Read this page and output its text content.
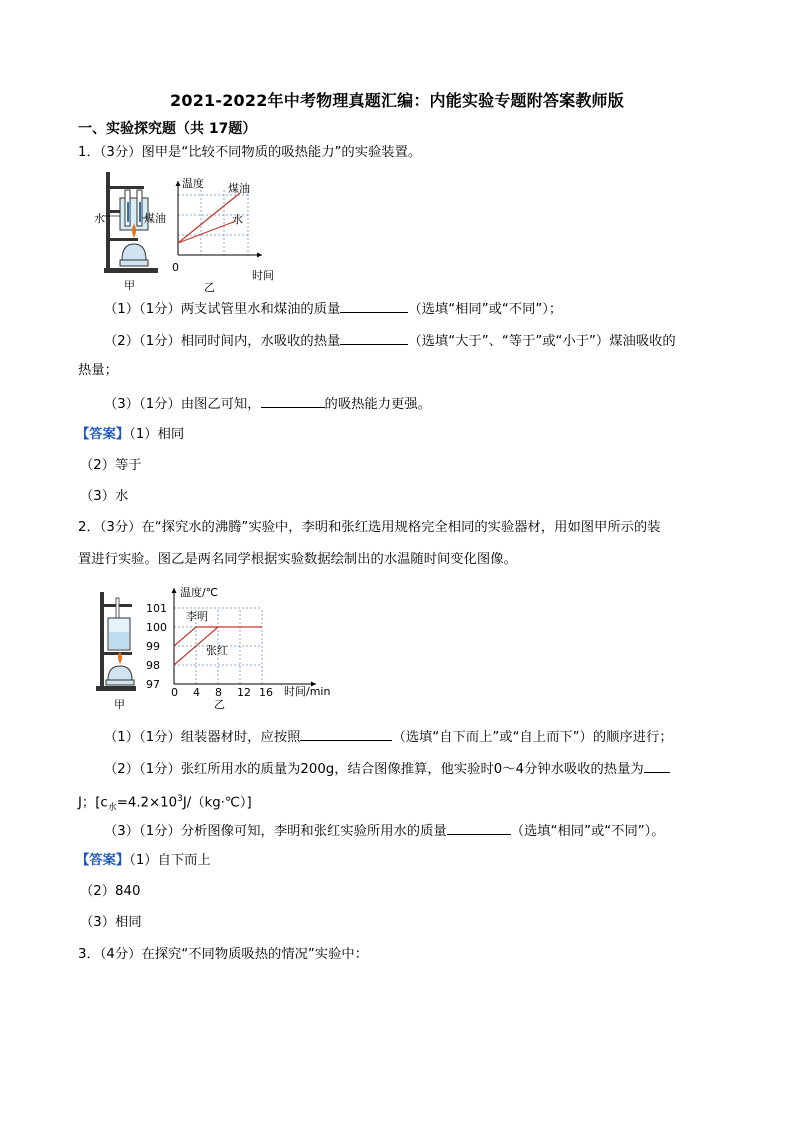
2021-2022年中考物理真题汇编：内能实验专题附答案教师版
一、实验探究题（共 17题）
1．（3分）图甲是“比较不同物质的吸热能力”的实验装置。
水	煤油
甲
温度
时间
0
煤油
水
乙
（1）（1分）两支试管里水和煤油的质量	（选填“相同”或“不同”）；
（2）（1分）相同时间内，水吸收的热量	（选填“大于”、“等于”或“小于”）煤油吸收的
热量；
（3）（1分）由图乙可知，	的吸热能力更强。
【答案】（1）相同
（2）等于
（3）水
2．（3分）在“探究水的沸腾”实验中，李明和张红选用规格完全相同的实验器材，用如图甲所示的装
置进行实验。图乙是两名同学根据实验数据绘制出的水温随时间变化图像。
甲
97
98
99
100
101
0 4 8 12 16
温度/℃
时间/min
李明
张红
乙
（1）（1分）组装器材时，应按照	（选填“自下而上”或“自上而下”）的顺序进行；
（2）（1分）张红所用水的质量为200g，结合图像推算，他实验时0～4分钟水吸收的热量为
J；$[c_水=4.2\times 10^3J/(kg\cdot℃)]$
（3）（1分）分析图像可知，李明和张红实验所用水的质量	（选填“相同”或“不同”）。
【答案】（1）自下而上
（2）840
（3）相同
3．（4分）在探究“不同物质吸热的情况”实验中：
